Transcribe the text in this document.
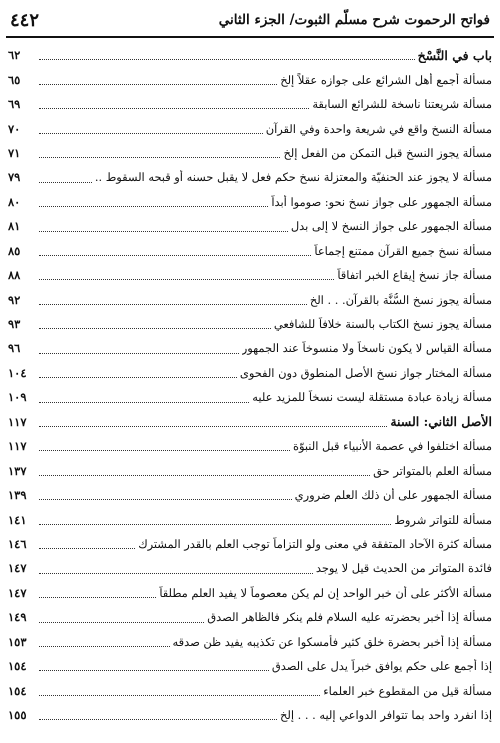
فواتح الرحموت شرح مسلّم الثبوت/ الجزء الثاني
٤٤٢
باب في النَّسْخ
٦٢
مسألة أجمع أهل الشرائع على جوازه عقلاً إلخ
٦٥
مسألة شريعتنا ناسخة للشرائع السابقة
٦٩
مسألة النسخ واقع في شريعة واحدة وفي القرآن
٧٠
مسألة يجوز النسخ قبل التمكن من الفعل إلخ
٧١
مسألة لا يجوز عند الحنفيّة والمعتزلة نسخ حكم فعل لا يقبل حسنه أو قبحه السقوط ..
٧٩
مسألة الجمهور على جواز نسخ نحو: صوموا أبداً
٨٠
مسألة الجمهور على جواز النسخ لا إلى بدل
٨١
مسألة نسخ جميع القرآن ممتنع إجماعاً
٨٥
مسألة جاز نسخ إيقاع الخبر اتفاقاً
٨٨
مسألة يجوز نسخ السُّنَّة بالقرآن. . . الخ
٩٢
مسألة يجوز نسخ الكتاب بالسنة خلافاً للشافعي
٩٣
مسألة القياس لا يكون ناسخاً ولا منسوخاً عند الجمهور
٩٦
مسألة المختار جواز نسخ الأصل المنطوق دون الفحوى
١٠٤
مسألة زيادة عبادة مستقلة ليست نسخاً للمزيد عليه
١٠٩
الأصل الثاني: السنة
١١٧
مسألة اختلفوا في عصمة الأنبياء قبل النبوّة
١١٧
مسألة العلم بالمتواتر حق
١٣٧
مسألة الجمهور على أن ذلك العلم ضروري
١٣٩
مسألة للتواتر شروط
١٤١
مسألة كثرة الآحاد المتفقة في معنى ولو التزاماً توجب العلم بالقدر المشترك
١٤٦
فائدة المتواتر من الحديث قيل لا يوجد
١٤٧
مسألة الأكثر على أن خبر الواحد إن لم يكن معصوماً لا يفيد العلم مطلقاً
١٤٧
مسألة إذا أخبر بحضرته عليه السلام فلم ينكر فالظاهر الصدق
١٤٩
مسألة إذا أخبر بحضرة خلق كثير فأمسكوا عن تكذيبه يفيد ظن صدقه
١٥٣
إذا أجمع على حكم يوافق خبراً يدل على الصدق
١٥٤
مسألة قيل من المقطوع خبر العلماء
١٥٤
إذا انفرد واحد بما تتوافر الدواعي إليه . . . إلخ
١٥٥
